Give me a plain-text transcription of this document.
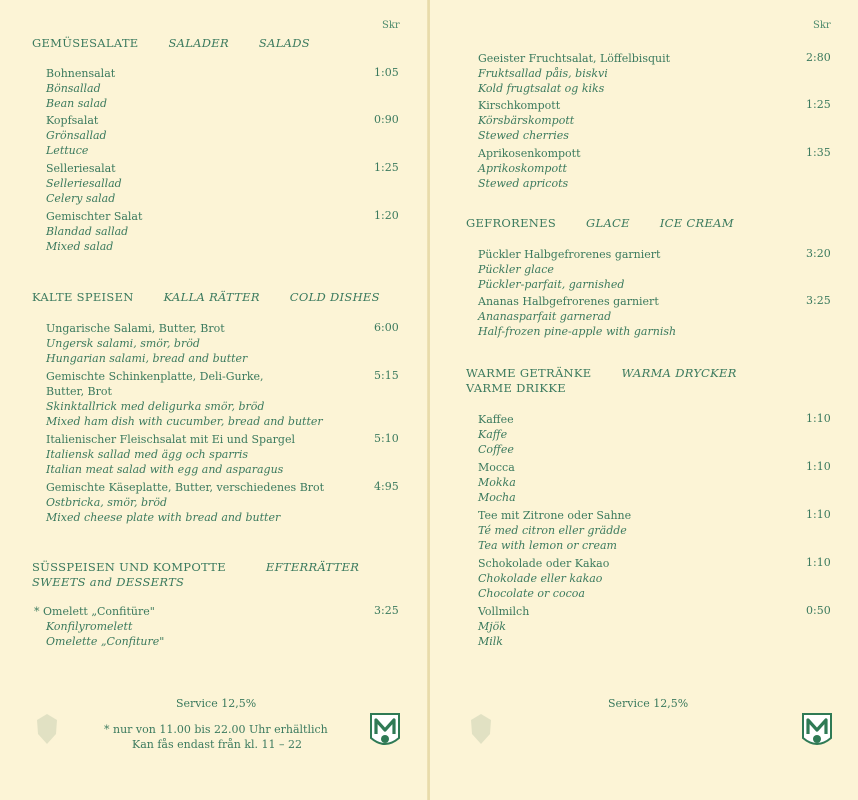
Skr
GEMÜSESALATE	SALADER	SALADS
Bohnensalat
Bönsallad
Bean salad
1:05
Kopfsalat
Grönsallad
Lettuce
0:90
Selleriesalat
Selleriesallad
Celery salad
1:25
Gemischter Salat
Blandad sallad
Mixed salad
1:20
KALTE SPEISEN	KALLA RÄTTER	COLD DISHES
Ungarische Salami, Butter, Brot
Ungersk salami, smör, bröd
Hungarian salami, bread and butter
6:00
Gemischte Schinkenplatte, Deli-Gurke,
Butter, Brot
Skinktallrick med deligurka smör, bröd
Mixed ham dish with cucumber, bread and butter
5:15
Italienischer Fleischsalat mit Ei und Spargel
Italiensk sallad med ägg och sparris
Italian meat salad with egg and asparagus
5:10
Gemischte Käseplatte, Butter, verschiedenes Brot
Ostbricka, smör, bröd
Mixed cheese plate with bread and butter
4:95
SÜSSPEISEN UND KOMPOTTE	EFTERRÄTTER
SWEETS and DESSERTS
* Omelett „Confitüre"
Konfilyromelett
Omelette „Confiture"
3:25
Service 12,5%
* nur von 11.00 bis 22.00 Uhr erhältlich
Kan fås endast från kl. 11 – 22
Skr
Geeister Fruchtsalat, Löffelbisquit
Fruktsallad påis, biskvi
Kold frugtsalat og kiks
2:80
Kirschkompott
Körsbärskompott
Stewed cherries
1:25
Aprikosenkompott
Aprikoskompott
Stewed apricots
1:35
GEFRORENES	GLACE	ICE CREAM
Pückler Halbgefrorenes garniert
Pückler glace
Pückler-parfait, garnished
3:20
Ananas Halbgefrorenes garniert
Ananasparfait garnerad
Half-frozen pine-apple with garnish
3:25
WARME GETRÄNKE	WARMA DRYCKER
VARME DRIKKE
Kaffee
Kaffe
Coffee
1:10
Mocca
Mokka
Mocha
1:10
Tee mit Zitrone oder Sahne
Té med citron eller grädde
Tea with lemon or cream
1:10
Schokolade oder Kakao
Chokolade eller kakao
Chocolate or cocoa
1:10
Vollmilch
Mjök
Milk
0:50
Service 12,5%
